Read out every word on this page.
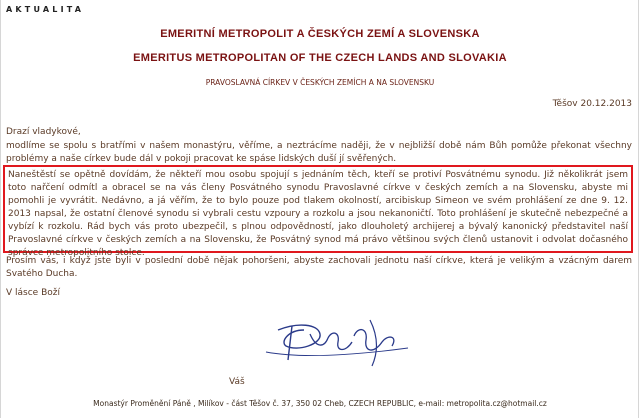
AKTUALITA
EMERITNÍ METROPOLIT A ČESKÝCH ZEMÍ A SLOVENSKA
EMERITUS METROPOLITAN OF THE CZECH LANDS AND SLOVAKIA
PRAVOSLAVNÁ CÍRKEV V ČESKÝCH ZEMÍCH A NA SLOVENSKU
Těšov 20.12.2013
Drazí vladykové,
modlíme se spolu s bratřími v našem monastýru, věříme, a neztrácíme naději, že v nejbližší době nám Bůh pomůže překonat všechny problémy a naše církev bude dál v pokoji pracovat ke spáse lidských duší jí svěřených.
Naneštěstí se opětně dovídám, že někteří mou osobu spojují s jednáním těch, kteří se protiví Posvátnému synodu. Již několikrát jsem toto nařčení odmítl a obracel se na vás členy Posvátného synodu Pravoslavné církve v českých zemích a na Slovensku, abyste mi pomohli je vyvrátit. Nedávno, a já věřím, že to bylo pouze pod tlakem okolností, arcibiskup Simeon ve svém prohlášení ze dne 9. 12. 2013 napsal, že ostatní členové synodu si vybrali cestu vzpoury a rozkolu a jsou nekanoničtí. Toto prohlášení je skutečně nebezpečné a vybízí k rozkolu. Rád bych vás proto ubezpečil, s plnou odpovědností, jako dlouholetý archijerej a bývalý kanonický představitel naší Pravoslavné církve v českých zemích a na Slovensku, že Posvátný synod má právo většinou svých členů ustanovit i odvolat dočasného správce metropolitního stolce.
Prosím vás, i když jste byli v poslední době nějak pohoršeni, abyste zachovali jednotu naší církve, která je velikým a vzácným darem Svatého Ducha.
V lásce Boží
Váš
Monastýr Proměnění Páně , Milíkov - část Těšov č. 37, 350 02 Cheb, CZECH REPUBLIC, e-mail: metropolita.cz@hotmail.cz
